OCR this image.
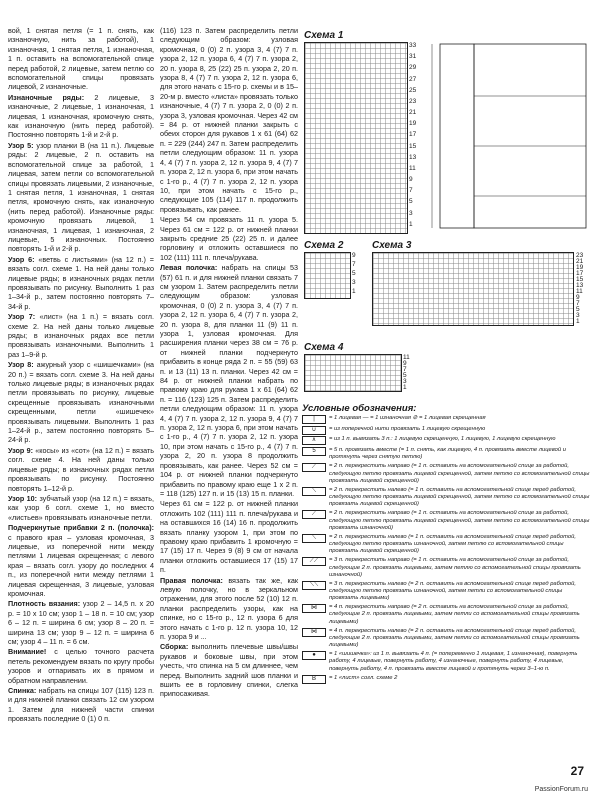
вой, 1 снятая петля (= 1 п. снять, как изнаночную, нить за работой), 1 изнаночная, 1 снятая петля, 1 изнаночная, 1 п. оставить на вспомогательной спице перед работой, 2 лицевые, затем петлю со вспомогательной спицы провязать лицевой, 2 изнаночные.

Изнаночные ряды: 2 лицевые, 3 изнаночные, 2 лицевые, 1 изнаночная, 1 лицевая, 1 изнаночная, кромочную снять, как изнаночную (нить перед работой). Постоянно повторять 1-й и 2-й р.

Узор 5: узор планки В (на 11 п.). Лицевые ряды: 2 лицевые, 2 п. оставить на вспомогательной спице за работой, 1 лицевая, затем петли со вспомогательной спицы провязать лицевыми, 2 изнаночные, 1 снятая петля, 1 изнаночная, 1 снятая петля, кромочную снять, как изнаночную (нить перед работой). Изнаночные ряды: кромочную провязать лицевой, 1 изнаночная, 1 лицевая, 1 изнаночная, 2 лицевые, 5 изнаночных. Постоянно повторять 1-й и 2-й р.

Узор 6: «ветвь с листьями» (на 12 п.) = вязать согл. схеме 1. На ней даны только лицевые ряды; в изнаночных рядах петли провязывать по рисунку. Выполнить 1 раз 1–34-й р., затем постоянно повторять 7–34-й р.

Узор 7: «лист» (на 1 п.) = вязать согл. схеме 2. На ней даны только лицевые ряды; в изнаночных рядах все петли провязывать изнаночными. Выполнить 1 раз 1–9-й р.

Узор 8: ажурный узор с «шишечками» (на 20 п.) = вязать согл. схеме 3. На ней даны только лицевые ряды; в изнаночных рядах петли провязывать по рисунку, лицевые скрещенные провязывать изнаночными скрещенными, петли «шишечек» провязывать лицевыми. Выполнить 1 раз 1–24-й р., затем постоянно повторять 5–24-й р.

Узор 9: «косы» из «сот» (на 12 п.) = вязать согл. схеме 4. На ней даны только лицевые ряды; в изнаночных рядах петли провязывать по рисунку. Постоянно повторять 1–12-й р.

Узор 10: зубчатый узор (на 12 п.) = вязать, как узор 6 согл. схеме 1, но вместо «листьев» провязывать изнаночные петли.

Подчеркнутые прибавки 2 п. (полочка): с правого края – узловая кромочная, 3 лицевые, из поперечной нити между петлями 1 лицевая скрещенная; с левого края – вязать согл. узору до последних 4 п., из поперечной нити между петлями 1 лицевая скрещенная, 3 лицевые, узловая кромочная.

Плотность вязания: узор 2 – 14,5 п. х 20 р. = 10 х 10 см; узор 1 – 18 п. = 10 см; узор 6 – 12 п. = ширина 6 см; узор 8 – 20 п. = ширина 13 см; узор 9 – 12 п. = ширина 6 см; узор 4 – 11 п. = 6 см.

Внимание! с целью точного расчета петель рекомендуем вязать по кругу пробы узоров и отпаривать их в прямом и обратном направлении.

Спинка: набрать на спицы 107 (115) 123 п. и для нижней планки связать 12 см узором 1. Затем для нижней части спинки провязать последние 0 (1) 0 п.

(116) 123 п. Затем распределить петли следующим образом: узловая кромочная, 0 (0) 2 п. узора 3, 4 (7) 7 п. узора 2, 12 п. узора 6, 4 (7) 7 п. узора 2, 20 п. узора 8, 25 (22) 25 п. узора 2, 20 п. узора 8, 4 (7) 7 п. узора 2, 12 п. узора 6, для этого начать с 15-го р. схемы и в 15–20-м р. вместо «листа» провязать только изнаночные, 4 (7) 7 п. узора 2, 0 (0) 2 п. узора 3, узловая кромочная. Через 42 см = 84 р. от нижней планки закрыть с обеих сторон для рукавов 1 х 61 (64) 62 п. = 229 (244) 247 п. Затем распределить петли следующим образом: 11 п. узора 4, 4 (7) 7 п. узора 2, 12 п. узора 9, 4 (7) 7 п. узора 2, 12 п. узора 6, при этом начать с 1-го р., 4 (7) 7 п. узора 2, 12 п. узора 10, при этом начать с 15-го р., следующие 105 (114) 117 п. продолжить провязывать, как ранее.

Через 54 см провязать 11 п. узора 5. Через 61 см = 122 р. от нижней планки закрыть средние 25 (22) 25 п. и далее горловину и отложить оставшиеся по 102 (111) 111 п. плеча/рукава.

Левая полочка: набрать на спицы 53 (57) 61 п. и для нижней планки связать 7 см узором 1. Затем распределить петли следующим образом: узловая кромочная, 0 (0) 2 п. узора 3, 4 (7) 7 п. узора 2, 12 п. узора 6, 4 (7) 7 п. узора 2, 20 п. узора 8, для планки 11 (9) 11 п. узора 1, узловая кромочная. Для расширения планки через 38 см = 76 р. от нижней планки подчеркнуто прибавить в конце ряда 2 п. = 55 (59) 63 п. и 13 (11) 13 п. планки. Через 42 см = 84 р. от нижней планки набрать по правому краю для рукава 1 х 61 (64) 62 п. = 116 (123) 125 п. Затем распределить петли следующим образом: 11 п. узора 4, 4 (7) 7 п. узора 2, 12 п. узора 9, 4 (7) 7 п. узора 2, 12 п. узора 6, при этом начать с 1-го р., 4 (7) 7 п. узора 2, 12 п. узора 10, при этом начать с 15-го р., 4 (7) 7 п. узора 2, 20 п. узора 8 продолжить провязывать, как ранее. Через 52 см = 104 р. от нижней планки подчеркнуто прибавить по правому краю еще 1 х 2 п. = 118 (125) 127 п. и 15 (13) 15 п. планки.

Через 61 см = 122 р. от нижней планки отложить 102 (111) 111 п. плеча/рукава и на оставшихся 16 (14) 16 п. продолжить вязать планку узором 1, при этом по правому краю прибавить 1 кромочную = 17 (15) 17 п. Через 9 (8) 9 см от начала планки отложить оставшиеся 17 (15) 17 п.

Правая полочка: вязать так же, как левую полочку, но в зеркальном отражении, для этого после 52 (10) 12 п. планки распределить узоры, как на спинке, но с 15-го р., 12 п. узора 6 для этого начать с 1-го р. 12 п. узора 10, 12 п. узора 9 и ...

Сборка: выполнить плечевые швы/швы рукавов и боковые швы, при этом учесть, что спинка на 5 см длиннее, чем перед. Выполнить задний шов планки и вшить ее в горловину спинки, слегка припосаживая.

Схема 1
33
31
29
27
25
23
21
19
17
15
13
11
9
7
5
3
1
Схема 2
9
7
5
3
1
Схема 3
23
21
19
17
15
13
11
9
7
5
3
1
Схема 4
11
9
7
5
3
1
Условные обозначения:
|	= 1 лицевая — = 1 изнаночная ⊘ = 1 лицевая скрещенная
∪	= из поперечной нити провязать 1 лицевую скрещенную
∧	= из 1 п. вывязать 3 п.: 1 лицевую скрещенную, 1 лицевую, 1 лицевую скрещенную
5	= 5 п. провязать вместе (= 1 п. снять, как лицевую, 4 п. провязать вместе лицевой и протянуть через снятую петлю)
⟋	= 2 п. перекрестить направо (= 1 п. оставить на вспомогательной спице за работой, следующую петлю провязать лицевой скрещенной, затем петлю со вспомогательной спицы провязать лицевой скрещенной)
⟍	= 2 п. перекрестить налево (= 1 п. оставить на вспомогательной спице перед работой, следующую петлю провязать лицевой скрещенной, затем петлю со вспомогательной спицы провязать лицевой скрещенной)
⟋	= 2 п. перекрестить направо (= 1 п. оставить на вспомогательной спице за работой, следующую петлю провязать лицевой скрещенной, затем петлю со вспомогательной спицы провязать изнаночной)
⟍	= 2 п. перекрестить налево (= 1 п. оставить на вспомогательной спице перед работой, следующую петлю провязать изнаночной, затем петлю со вспомогательной спицы провязать лицевой скрещенной)
⟋⟋	= 3 п. перекрестить направо (= 1 п. оставить на вспомогательной спице за работой, следующие 2 п. провязать лицевыми, затем петлю со вспомогательной спицы провязать изнаночной)
⟍⟍	= 3 п. перекрестить налево (= 2 п. оставить на вспомогательной спице перед работой, следующую петлю провязать изнаночной, затем петли со вспомогательной спицы провязать лицевыми)
⋈	= 4 п. перекрестить направо (= 2 п. оставить на вспомогательной спице за работой, следующие 2 п. провязать лицевыми, затем петли со вспомогательной спицы провязать лицевыми)
⋈	= 4 п. перекрестить налево (= 2 п. оставить на вспомогательной спице перед работой, следующие 2 п. провязать лицевыми, затем петли со вспомогательной спицы провязать лицевыми)
●	= 1 «шишечка»: из 1 п. вывязать 4 п. (= попеременно 1 лицевая, 1 изнаночная), повернуть работу, 4 лицевые, повернуть работу, 4 изнаночные, повернуть работу, 4 лицевые, повернуть работу, 4 п. провязать вместе лицевой и протянуть через 3–1-ю п.
В	= 1 «лист» согл. схеме 2
27
PassionForum.ru
